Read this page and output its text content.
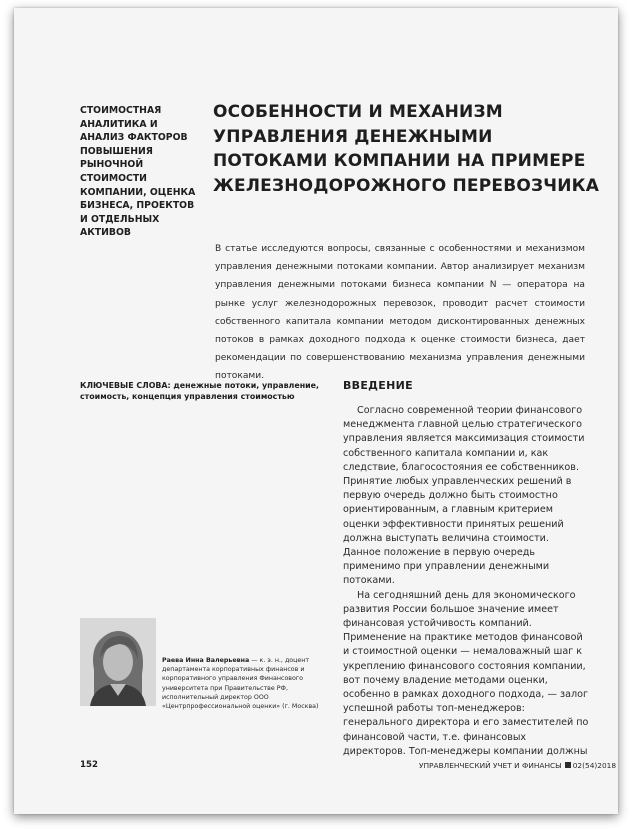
СТОИМОСТНАЯ АНАЛИТИКА И АНАЛИЗ ФАКТОРОВ ПОВЫШЕНИЯ РЫНОЧНОЙ СТОИМОСТИ КОМПАНИИ, ОЦЕНКА БИЗНЕСА, ПРОЕКТОВ И ОТДЕЛЬНЫХ АКТИВОВ
ОСОБЕННОСТИ И МЕХАНИЗМ УПРАВЛЕНИЯ ДЕНЕЖНЫМИ ПОТОКАМИ КОМПАНИИ НА ПРИМЕРЕ ЖЕЛЕЗНОДОРОЖНОГО ПЕРЕВОЗЧИКА
В статье исследуются вопросы, связанные с особенностями и механизмом управления денежными потоками компании. Автор анализирует механизм управления денежными потоками бизнеса компании N — оператора на рынке услуг железнодорожных перевозок, проводит расчет стоимости собственного капитала компании методом дисконтированных денежных потоков в рамках доходного подхода к оценке стоимости бизнеса, дает рекомендации по совершенствованию механизма управления денежными потоками.
КЛЮЧЕВЫЕ СЛОВА: денежные потоки, управление, стоимость, концепция управления стоимостью
ВВЕДЕНИЕ

Согласно современной теории финансового менеджмента главной целью стратегического управления является максимизация стоимости собственного капитала компании и, как следствие, благосостояния ее собственников. Принятие любых управленческих решений в первую очередь должно быть стоимостно ориентированным, а главным критерием оценки эффективности принятых решений должна выступать величина стоимости. Данное положение в первую очередь применимо при управлении денежными потоками.

На сегодняшний день для экономического развития России большое значение имеет финансовая устойчивость компаний. Применение на практике методов финансовой и стоимостной оценки — немаловажный шаг к укреплению финансового состояния компании, вот почему владение методами оценки, особенно в рамках доходного подхода, — залог успешной работы топ-менеджеров: генерального директора и его заместителей по финансовой части, т.е. финансовых директоров. Топ-менеджеры компании должны

Раева Инна Валерьевна — к. э. н., доцент департамента корпоративных финансов и корпоративного управления Финансового университета при Правительстве РФ, исполнительный директор ООО «Центрпрофессиональной оценки» (г. Москва)
152	УПРАВЛЕНЧЕСКИЙ УЧЕТ И ФИНАНСЫ 02(54)2018
